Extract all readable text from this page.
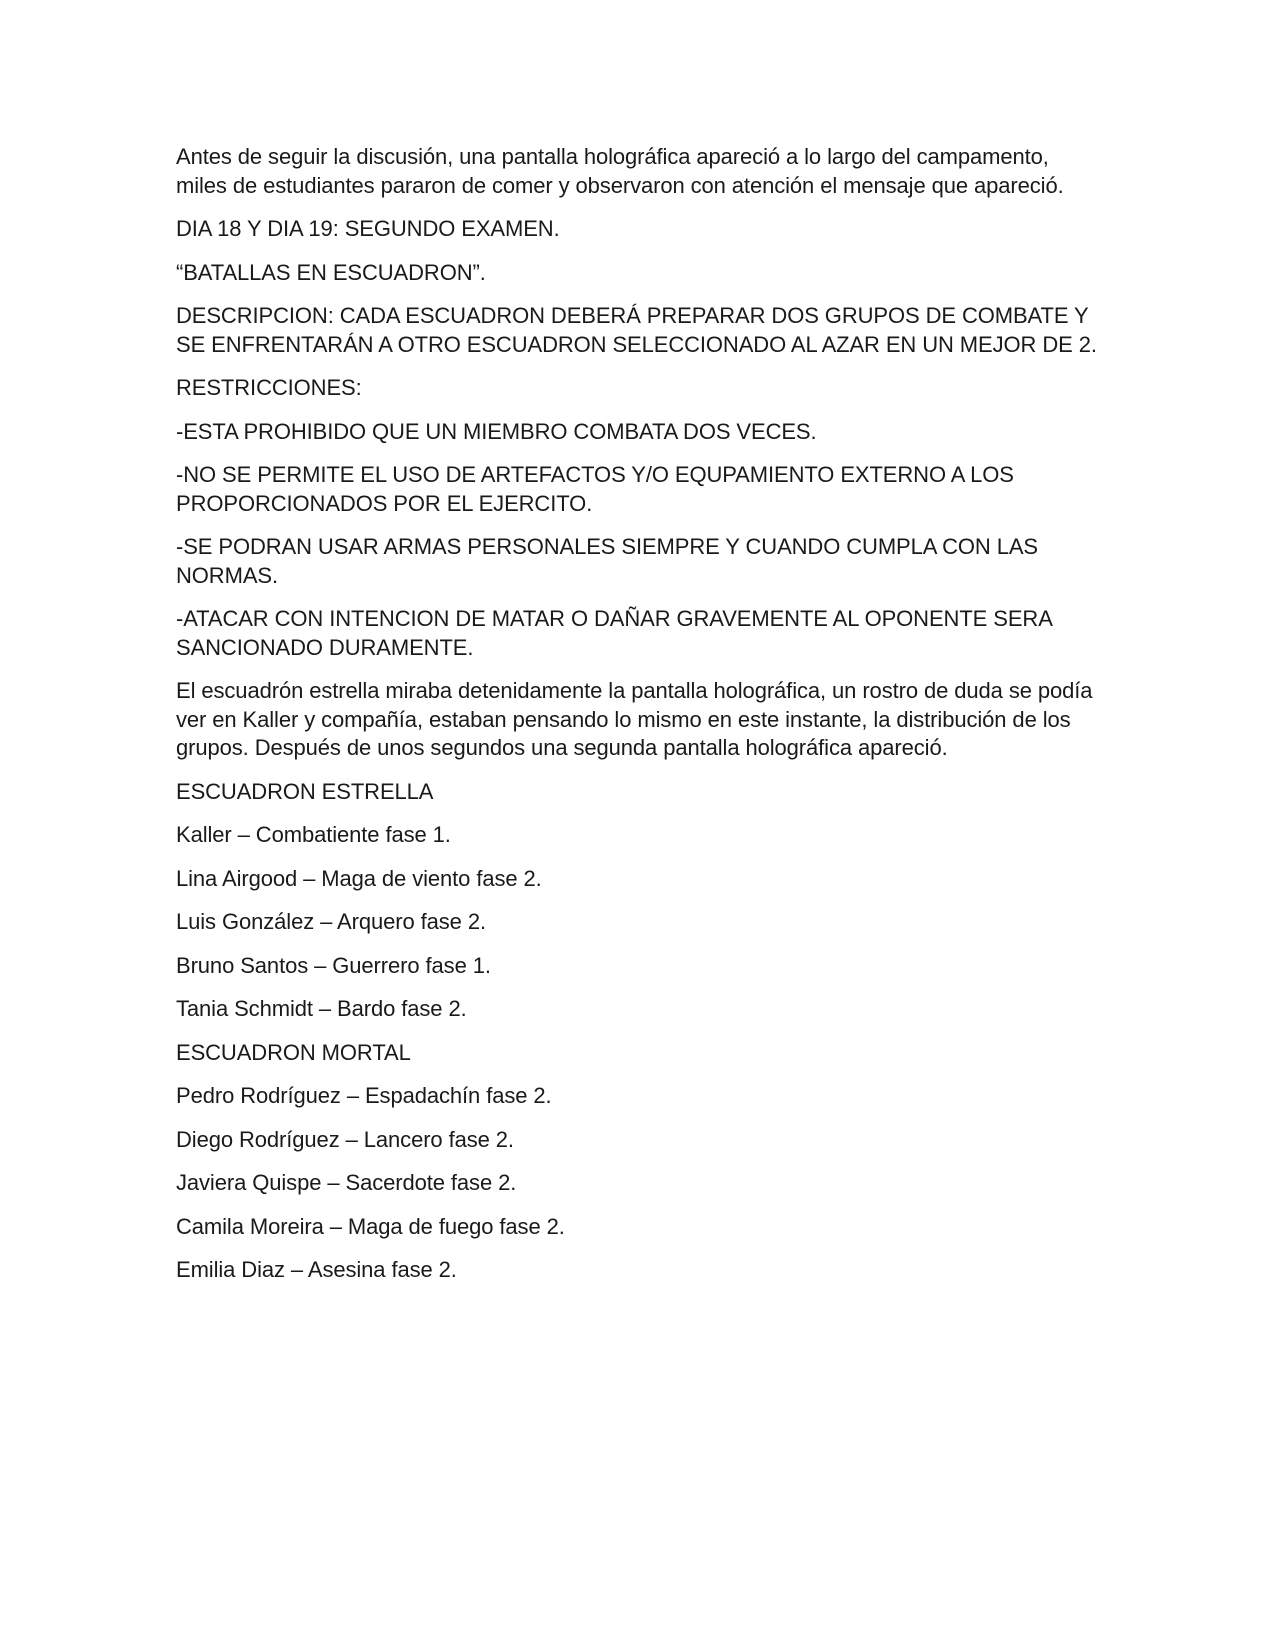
Antes de seguir la discusión, una pantalla holográfica apareció a lo largo del campamento, miles de estudiantes pararon de comer y observaron con atención el mensaje que apareció.

DIA 18 Y DIA 19: SEGUNDO EXAMEN.

“BATALLAS EN ESCUADRON”.

DESCRIPCION: CADA ESCUADRON DEBERÁ PREPARAR DOS GRUPOS DE COMBATE Y SE ENFRENTARÁN A OTRO ESCUADRON SELECCIONADO AL AZAR EN UN MEJOR DE 2.

RESTRICCIONES:

-ESTA PROHIBIDO QUE UN MIEMBRO COMBATA DOS VECES.

-NO SE PERMITE EL USO DE ARTEFACTOS Y/O EQUPAMIENTO EXTERNO A LOS PROPORCIONADOS POR EL EJERCITO.

-SE PODRAN USAR ARMAS PERSONALES SIEMPRE Y CUANDO CUMPLA CON LAS NORMAS.

-ATACAR CON INTENCION DE MATAR O DAÑAR GRAVEMENTE AL OPONENTE SERA SANCIONADO DURAMENTE.

El escuadrón estrella miraba detenidamente la pantalla holográfica, un rostro de duda se podía ver en Kaller y compañía, estaban pensando lo mismo en este instante, la distribución de los grupos. Después de unos segundos una segunda pantalla holográfica apareció.

ESCUADRON ESTRELLA

Kaller – Combatiente fase 1.

Lina Airgood – Maga de viento fase 2.

Luis González – Arquero fase 2.

Bruno Santos – Guerrero fase 1.

Tania Schmidt – Bardo fase 2.

ESCUADRON MORTAL

Pedro Rodríguez – Espadachín fase 2.

Diego Rodríguez – Lancero fase 2.

Javiera Quispe – Sacerdote fase 2.

Camila Moreira – Maga de fuego fase 2.

Emilia Diaz – Asesina fase 2.
